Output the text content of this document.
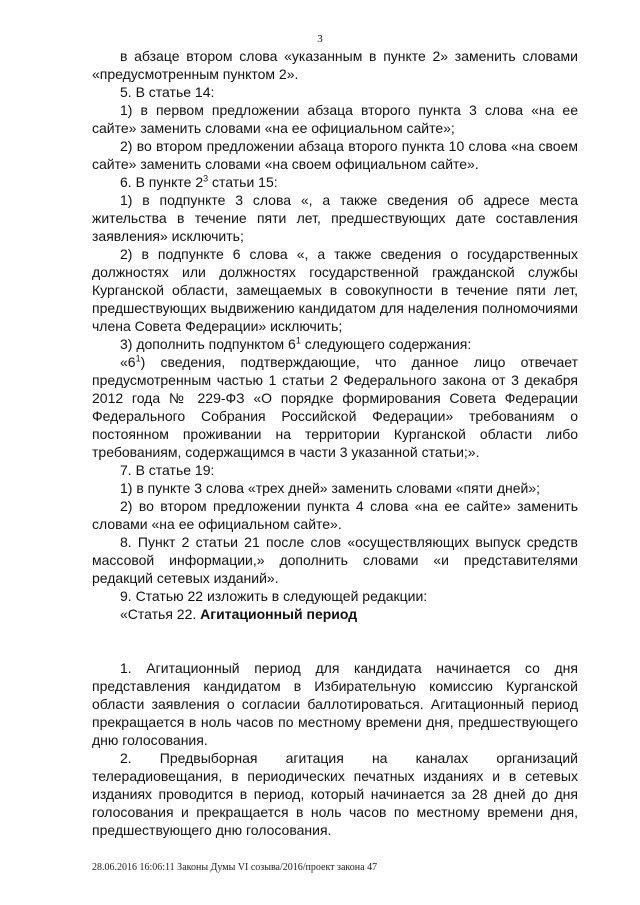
3

в абзаце втором слова «указанным в пункте 2» заменить словами «предусмотренным пунктом 2».

5. В статье 14:

1) в первом предложении абзаца второго пункта 3 слова «на ее сайте» заменить словами «на ее официальном сайте»;

2) во втором предложении абзаца второго пункта 10 слова «на своем сайте» заменить словами «на своем официальном сайте».

6. В пункте $2^3$ статьи 15:

1) в подпункте 3 слова «, а также сведения об адресе места жительства в течение пяти лет, предшествующих дате составления заявления» исключить;

2) в подпункте 6 слова «, а также сведения о государственных должностях или должностях государственной гражданской службы Курганской области, замещаемых в совокупности в течение пяти лет, предшествующих выдвижению кандидатом для наделения полномочиями члена Совета Федерации» исключить;

3) дополнить подпунктом $6^1$ следующего содержания:

«$6^1$) сведения, подтверждающие, что данное лицо отвечает предусмотренным частью 1 статьи 2 Федерального закона от 3 декабря 2012 года № 229-ФЗ «О порядке формирования Совета Федерации Федерального Собрания Российской Федерации» требованиям о постоянном проживании на территории Курганской области либо требованиям, содержащимся в части 3 указанной статьи;».

7. В статье 19:

1) в пункте 3 слова «трех дней» заменить словами «пяти дней»;

2) во втором предложении пункта 4 слова «на ее сайте» заменить словами «на ее официальном сайте».

8. Пункт 2 статьи 21 после слов «осуществляющих выпуск средств массовой информации,» дополнить словами «и представителями редакций сетевых изданий».

9. Статью 22 изложить в следующей редакции:

«Статья 22. Агитационный период

1. Агитационный период для кандидата начинается со дня представления кандидатом в Избирательную комиссию Курганской области заявления о согласии баллотироваться. Агитационный период прекращается в ноль часов по местному времени дня, предшествующего дню голосования.

2. Предвыборная агитация на каналах организаций телерадиовещания, в периодических печатных изданиях и в сетевых изданиях проводится в период, который начинается за 28 дней до дня голосования и прекращается в ноль часов по местному времени дня, предшествующего дню голосования.

28.06.2016 16:06:11 Законы Думы VI созыва/2016/проект закона 47
